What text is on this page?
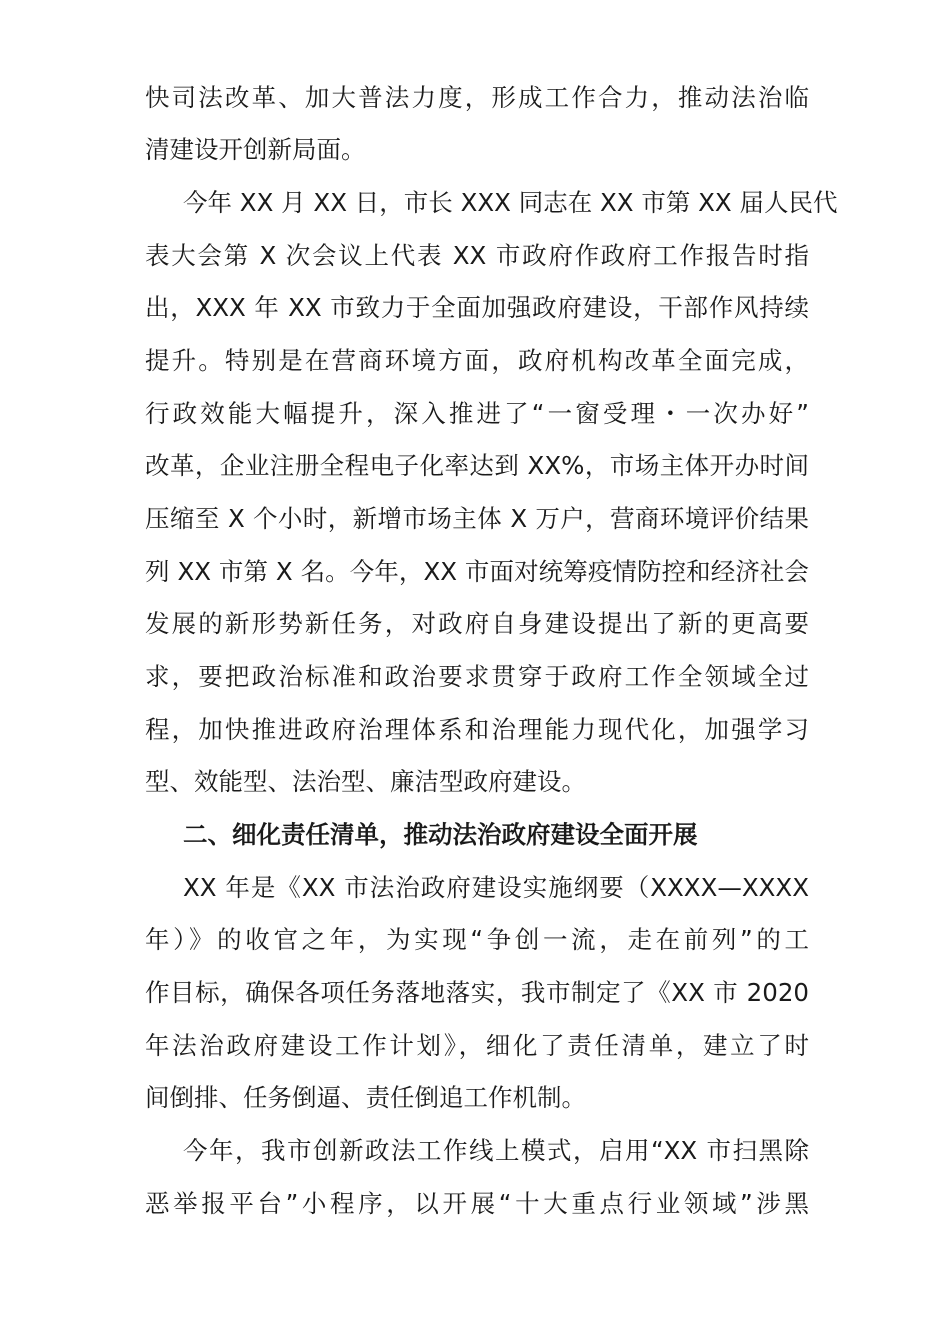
快司法改革、加大普法力度，形成工作合力，推动法治临
清建设开创新局面。
今年 XX 月 XX 日，市长 XXX 同志在 XX 市第 XX 届人民代
表大会第 X 次会议上代表 XX 市政府作政府工作报告时指
出，XXX 年 XX 市致力于全面加强政府建设，干部作风持续
提升。特别是在营商环境方面，政府机构改革全面完成，
行政效能大幅提升，深入推进了“一窗受理・一次办好”
改革，企业注册全程电子化率达到 XX%，市场主体开办时间
压缩至 X 个小时，新增市场主体 X 万户，营商环境评价结果
列 XX 市第 X 名。今年，XX 市面对统筹疫情防控和经济社会
发展的新形势新任务，对政府自身建设提出了新的更高要
求，要把政治标准和政治要求贯穿于政府工作全领域全过
程，加快推进政府治理体系和治理能力现代化，加强学习
型、效能型、法治型、廉洁型政府建设。
二、细化责任清单，推动法治政府建设全面开展
XX 年是《XX 市法治政府建设实施纲要（XXXX—XXXX
年）》的收官之年，为实现“争创一流，走在前列”的工
作目标，确保各项任务落地落实，我市制定了《XX 市 2020
年法治政府建设工作计划》，细化了责任清单，建立了时
间倒排、任务倒逼、责任倒追工作机制。
今年，我市创新政法工作线上模式，启用“XX 市扫黑除
恶举报平台”小程序，以开展“十大重点行业领域”涉黑
